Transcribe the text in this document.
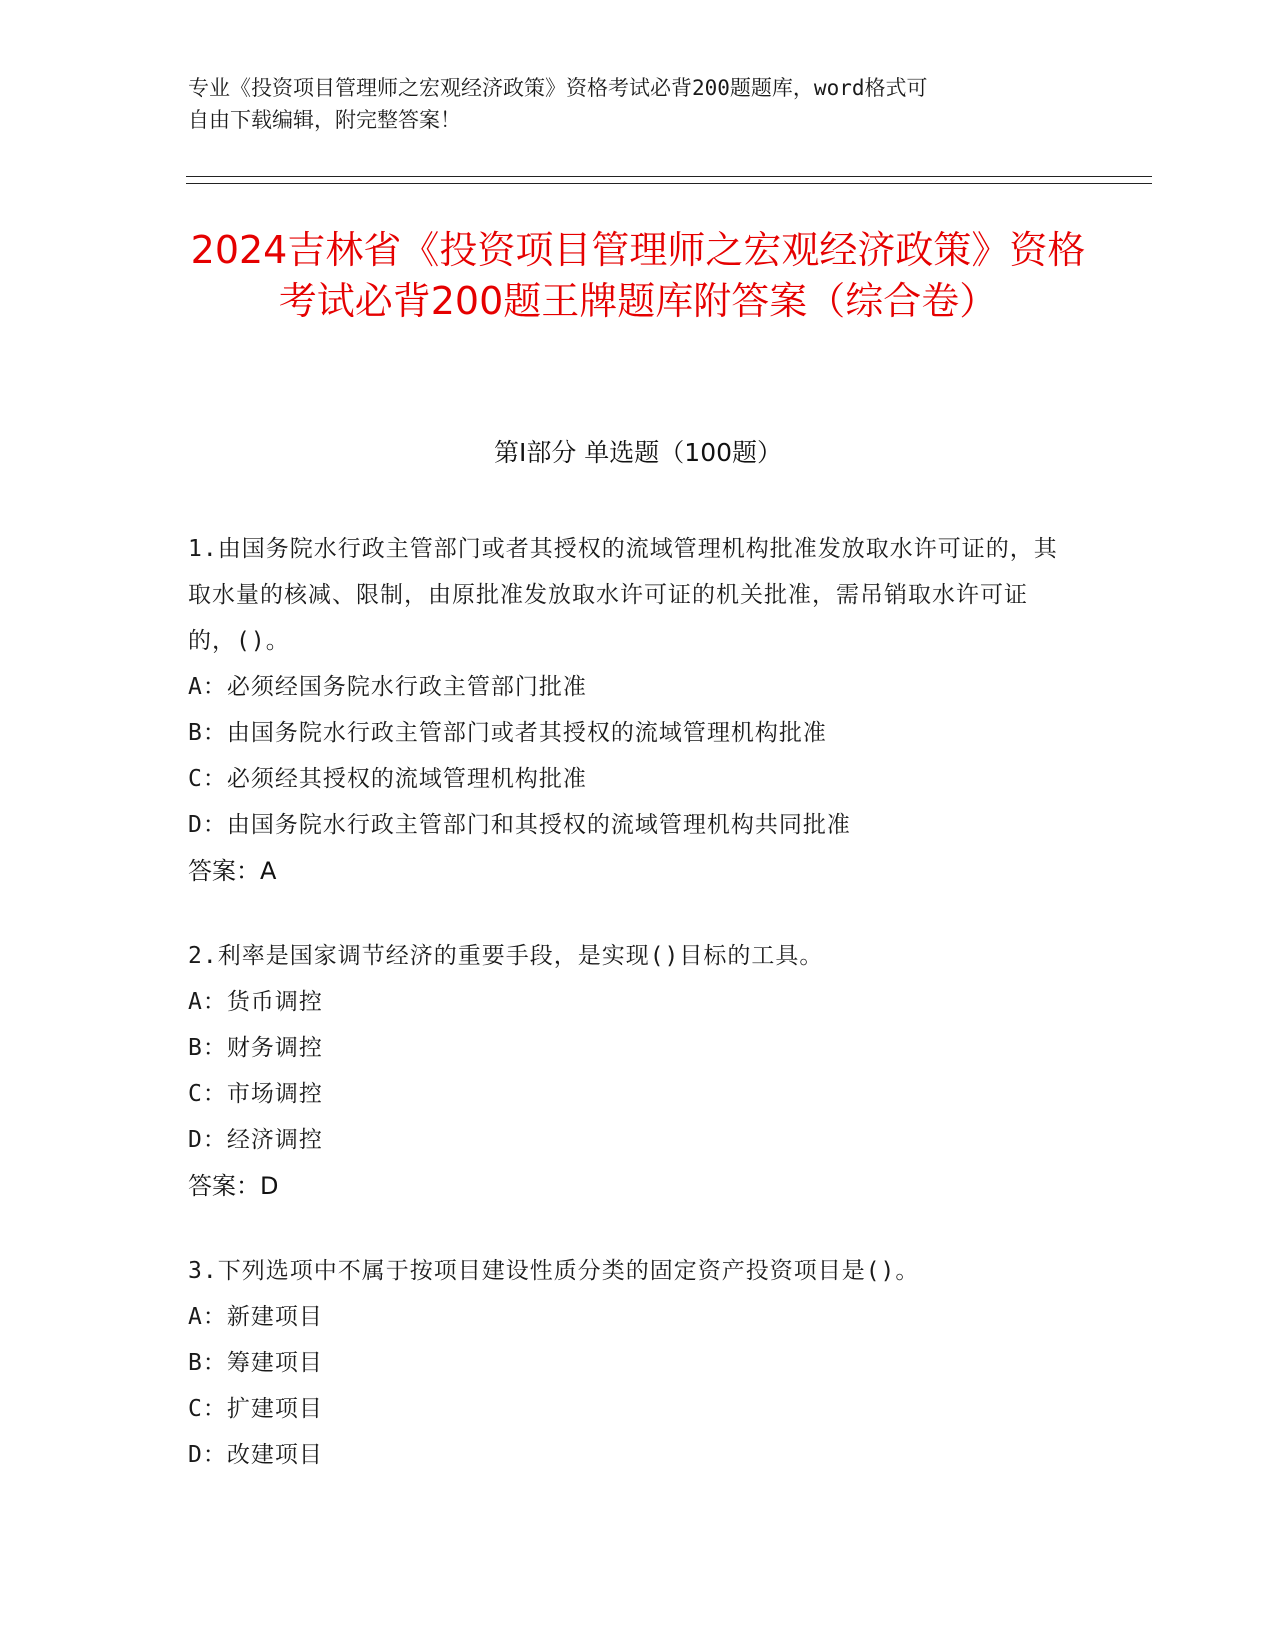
专业《投资项目管理师之宏观经济政策》资格考试必背200题题库，word格式可
自由下载编辑，附完整答案！
2024吉林省《投资项目管理师之宏观经济政策》资格考试必背200题王牌题库附答案（综合卷）
第Ⅰ部分 单选题（100题）
1.由国务院水行政主管部门或者其授权的流域管理机构批准发放取水许可证的，其取水量的核减、限制，由原批准发放取水许可证的机关批准，需吊销取水许可证的，()。
A：必须经国务院水行政主管部门批准
B：由国务院水行政主管部门或者其授权的流域管理机构批准
C：必须经其授权的流域管理机构批准
D：由国务院水行政主管部门和其授权的流域管理机构共同批准
答案：A
2.利率是国家调节经济的重要手段，是实现()目标的工具。
A：货币调控
B：财务调控
C：市场调控
D：经济调控
答案：D
3.下列选项中不属于按项目建设性质分类的固定资产投资项目是()。
A：新建项目
B：筹建项目
C：扩建项目
D：改建项目
